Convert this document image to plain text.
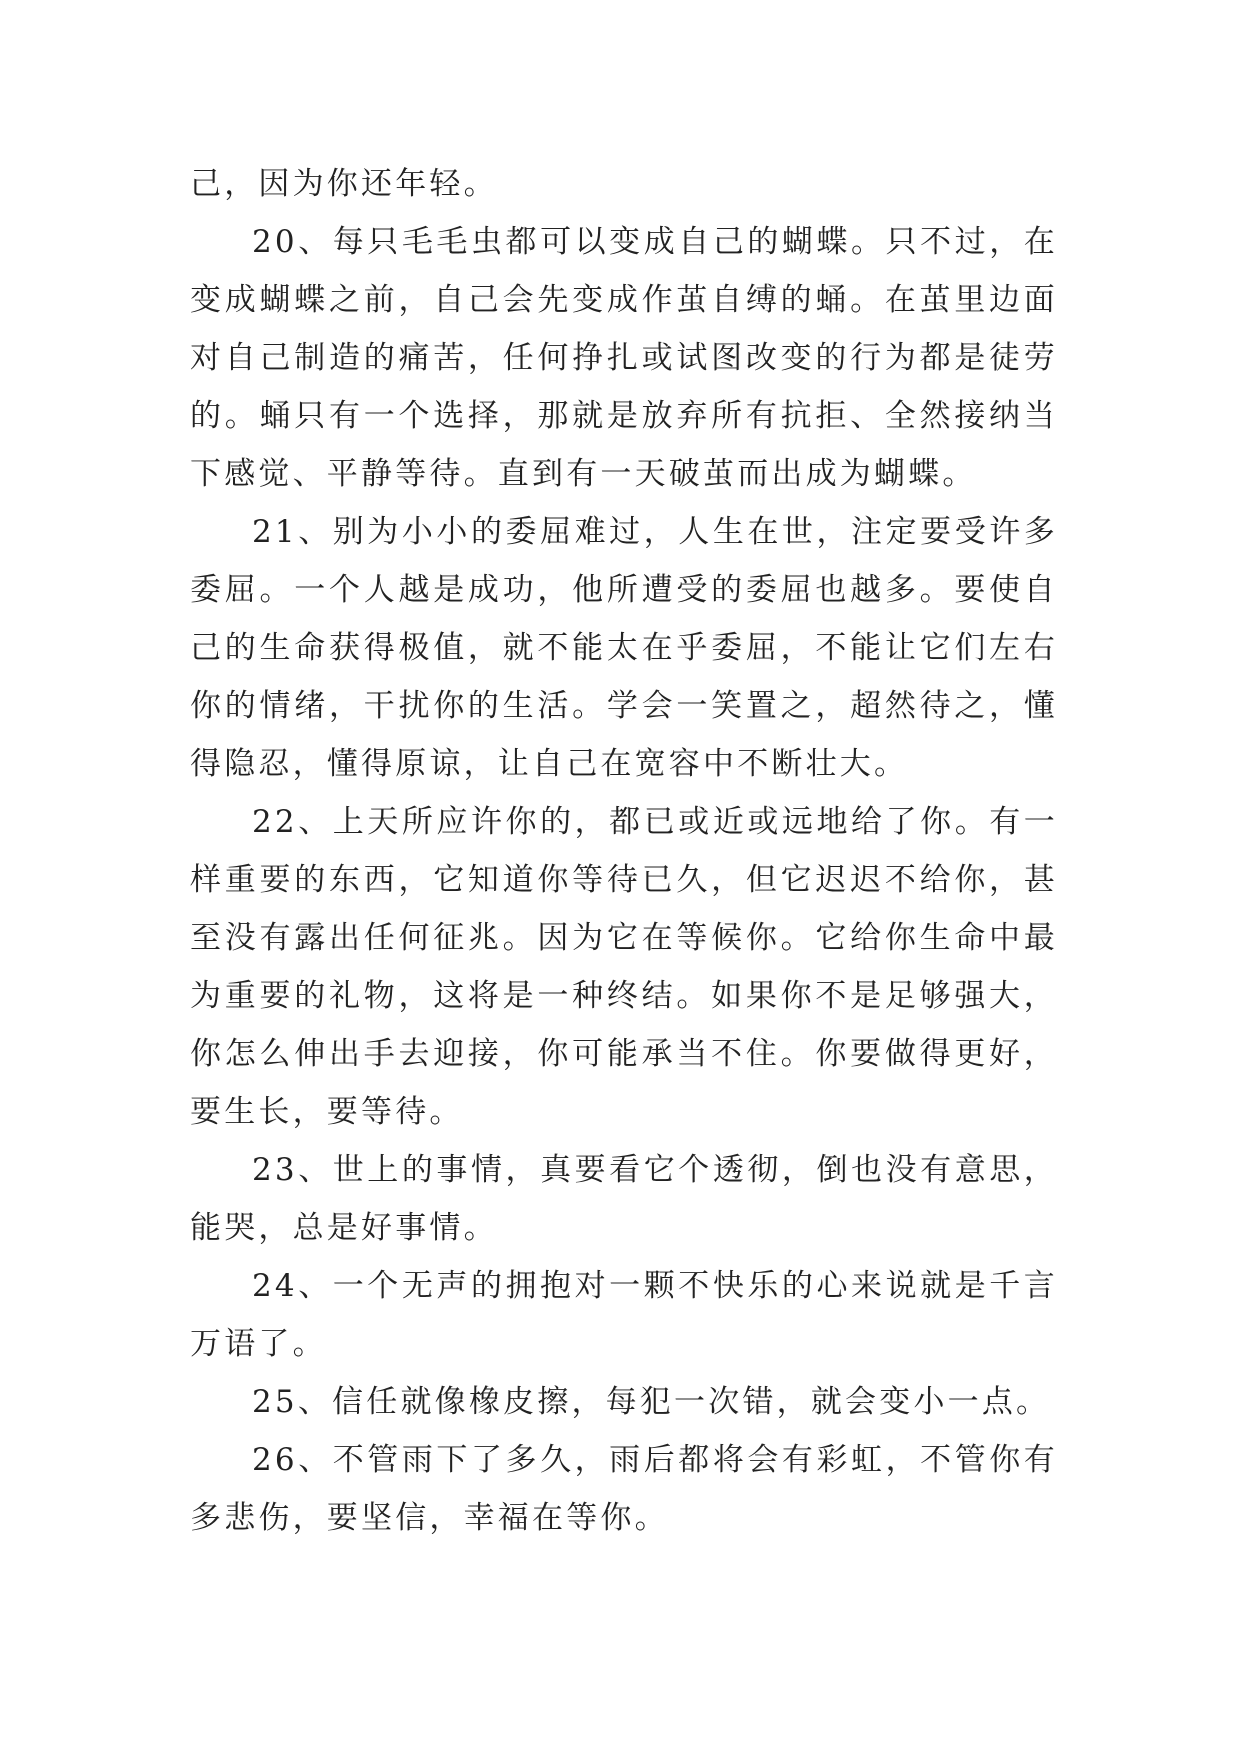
己，因为你还年轻。

20、每只毛毛虫都可以变成自己的蝴蝶。只不过，在变成蝴蝶之前，自己会先变成作茧自缚的蛹。在茧里边面对自己制造的痛苦，任何挣扎或试图改变的行为都是徒劳的。蛹只有一个选择，那就是放弃所有抗拒、全然接纳当下感觉、平静等待。直到有一天破茧而出成为蝴蝶。

21、别为小小的委屈难过，人生在世，注定要受许多委屈。一个人越是成功，他所遭受的委屈也越多。要使自己的生命获得极值，就不能太在乎委屈，不能让它们左右你的情绪，干扰你的生活。学会一笑置之，超然待之，懂得隐忍，懂得原谅，让自己在宽容中不断壮大。

22、上天所应许你的，都已或近或远地给了你。有一样重要的东西，它知道你等待已久，但它迟迟不给你，甚至没有露出任何征兆。因为它在等候你。它给你生命中最为重要的礼物，这将是一种终结。如果你不是足够强大，你怎么伸出手去迎接，你可能承当不住。你要做得更好，要生长，要等待。

23、世上的事情，真要看它个透彻，倒也没有意思，能哭，总是好事情。

24、一个无声的拥抱对一颗不快乐的心来说就是千言万语了。

25、信任就像橡皮擦，每犯一次错，就会变小一点。

26、不管雨下了多久，雨后都将会有彩虹，不管你有多悲伤，要坚信，幸福在等你。
